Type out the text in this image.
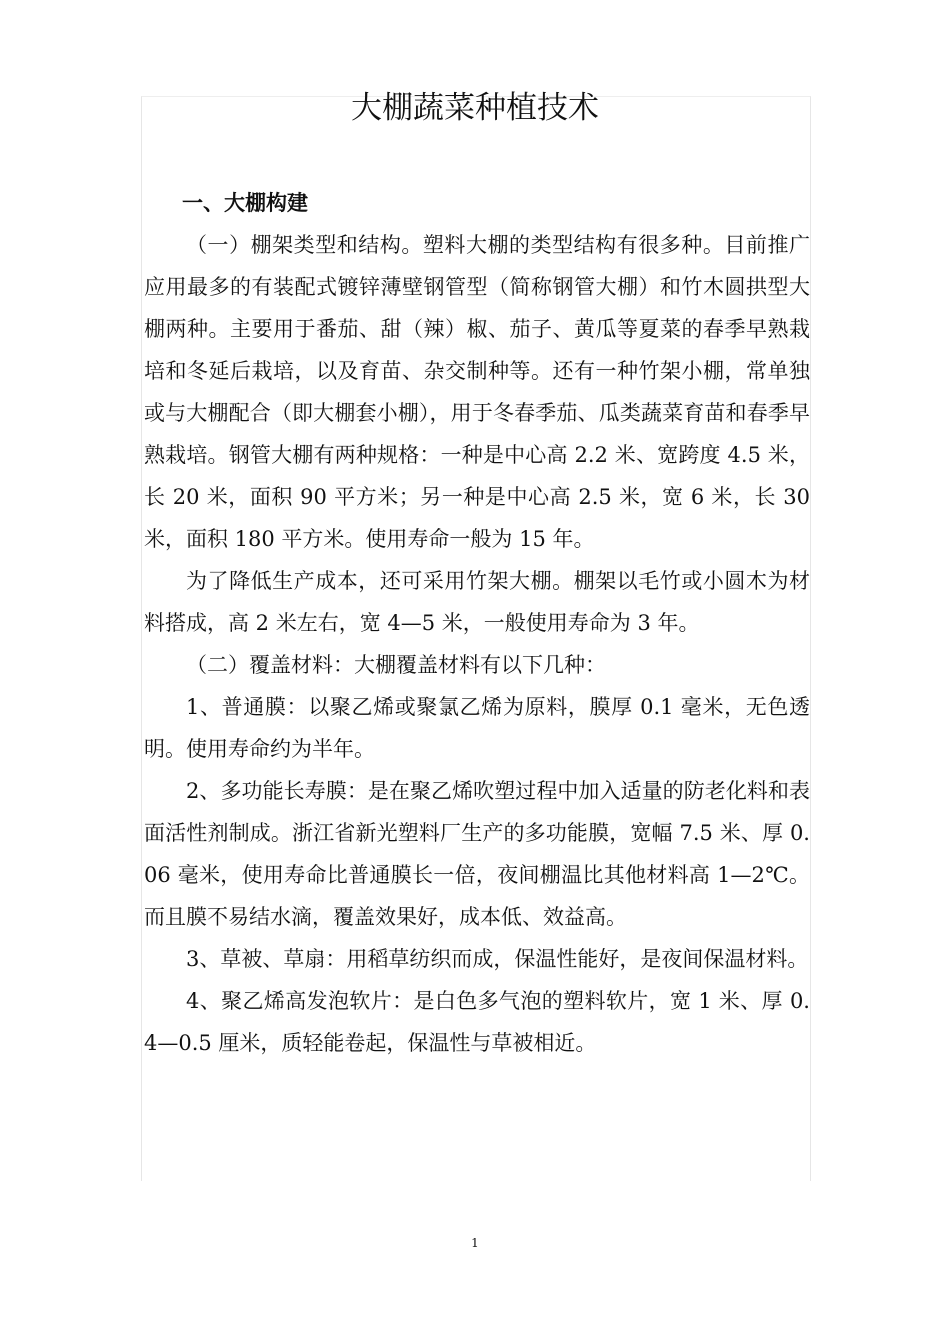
大棚蔬菜种植技术
一、大棚构建

（一）棚架类型和结构。塑料大棚的类型结构有很多种。目前推广应用最多的有装配式镀锌薄壁钢管型（简称钢管大棚）和竹木圆拱型大棚两种。主要用于番茄、甜（辣）椒、茄子、黄瓜等夏菜的春季早熟栽培和冬延后栽培，以及育苗、杂交制种等。还有一种竹架小棚，常单独或与大棚配合（即大棚套小棚），用于冬春季茄、瓜类蔬菜育苗和春季早熟栽培。钢管大棚有两种规格：一种是中心高 2.2 米、宽跨度 4.5 米，长 20 米，面积 90 平方米；另一种是中心高 2.5 米，宽 6 米，长 30 米，面积 180 平方米。使用寿命一般为 15 年。

为了降低生产成本，还可采用竹架大棚。棚架以毛竹或小圆木为材料搭成，高 2 米左右，宽 4—5 米，一般使用寿命为 3 年。

（二）覆盖材料：大棚覆盖材料有以下几种：

1、普通膜：以聚乙烯或聚氯乙烯为原料，膜厚 0.1 毫米，无色透明。使用寿命约为半年。

2、多功能长寿膜：是在聚乙烯吹塑过程中加入适量的防老化料和表面活性剂制成。浙江省新光塑料厂生产的多功能膜，宽幅 7.5 米、厚 0.06 毫米，使用寿命比普通膜长一倍，夜间棚温比其他材料高 1—2℃。而且膜不易结水滴，覆盖效果好，成本低、效益高。

3、草被、草扇：用稻草纺织而成，保温性能好，是夜间保温材料。

4、聚乙烯高发泡软片：是白色多气泡的塑料软片，宽 1 米、厚 0.4—0.5 厘米，质轻能卷起，保温性与草被相近。

1
